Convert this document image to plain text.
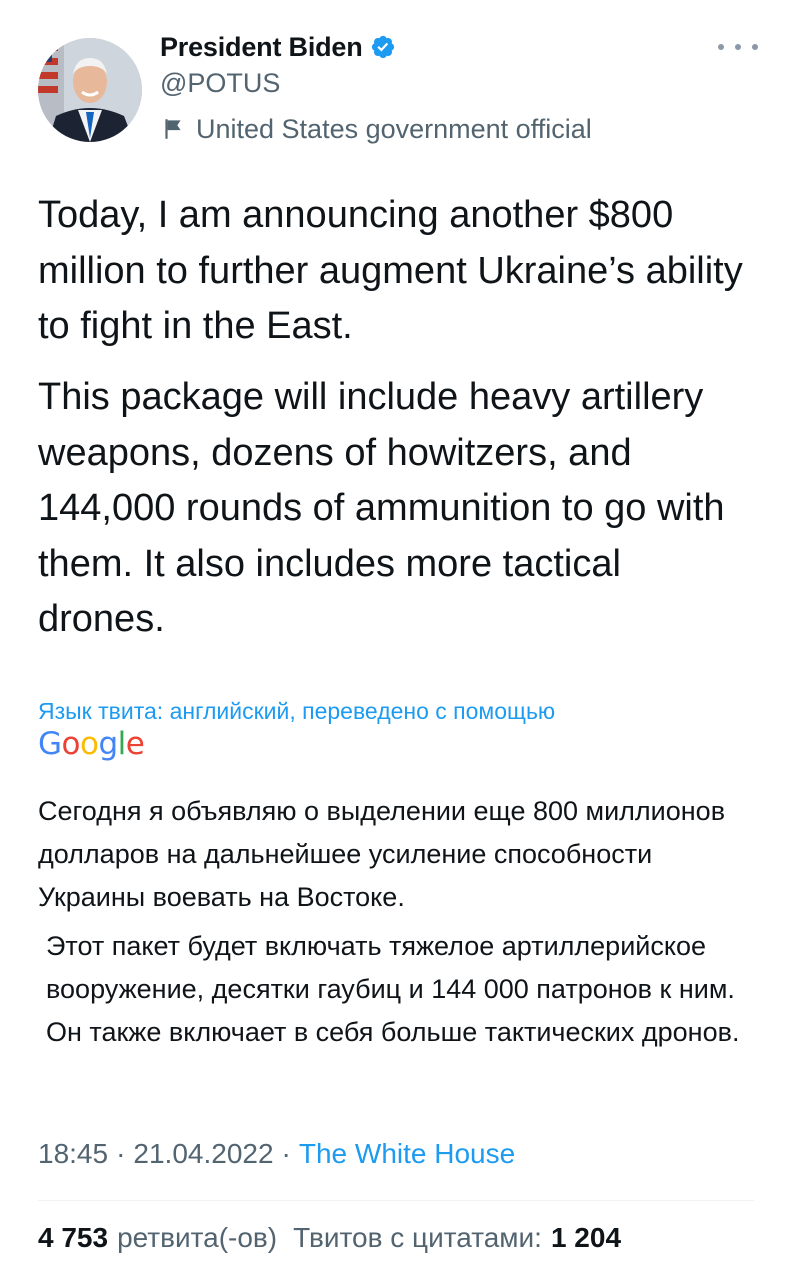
President Biden
@POTUS
United States government official

Today, I am announcing another $800 million to further augment Ukraine’s ability to fight in the East.

This package will include heavy artillery weapons, dozens of howitzers, and 144,000 rounds of ammunition to go with them. It also includes more tactical drones.

Язык твита: английский, переведено с помощью
Google

Сегодня я объявляю о выделении еще 800 миллионов долларов на дальнейшее усиление способности Украины воевать на Востоке.

Этот пакет будет включать тяжелое артиллерийское вооружение, десятки гаубиц и 144 000 патронов к ним. Он также включает в себя больше тактических дронов.

18:45 · 21.04.2022 · The White House
4 753 ретвита(-ов) Твитов с цитатами: 1 204
